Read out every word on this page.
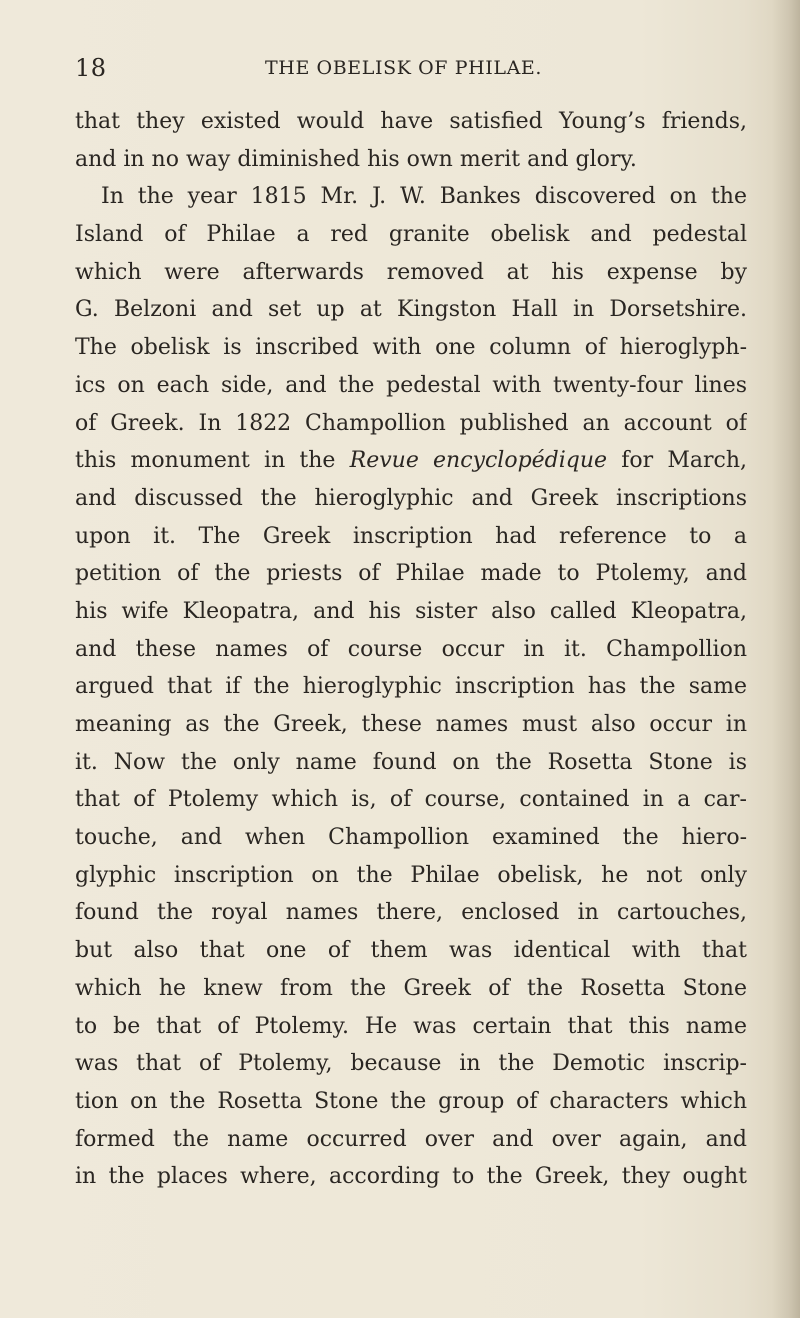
18	THE OBELISK OF PHILAE.
that they existed would have satisfied Young’s friends,
and in no way diminished his own merit and glory.
In the year 1815 Mr. J. W. Bankes discovered on the
Island of Philae a red granite obelisk and pedestal
which were afterwards removed at his expense by
G. Belzoni and set up at Kingston Hall in Dorsetshire.
The obelisk is inscribed with one column of hieroglyph-
ics on each side, and the pedestal with twenty-four lines
of Greek. In 1822 Champollion published an account of
this monument in the Revue encyclopédique for March,
and discussed the hieroglyphic and Greek inscriptions
upon it. The Greek inscription had reference to a
petition of the priests of Philae made to Ptolemy, and
his wife Kleopatra, and his sister also called Kleopatra,
and these names of course occur in it. Champollion
argued that if the hieroglyphic inscription has the same
meaning as the Greek, these names must also occur in
it. Now the only name found on the Rosetta Stone is
that of Ptolemy which is, of course, contained in a car-
touche, and when Champollion examined the hiero-
glyphic inscription on the Philae obelisk, he not only
found the royal names there, enclosed in cartouches,
but also that one of them was identical with that
which he knew from the Greek of the Rosetta Stone
to be that of Ptolemy. He was certain that this name
was that of Ptolemy, because in the Demotic inscrip-
tion on the Rosetta Stone the group of characters which
formed the name occurred over and over again, and
in the places where, according to the Greek, they ought
